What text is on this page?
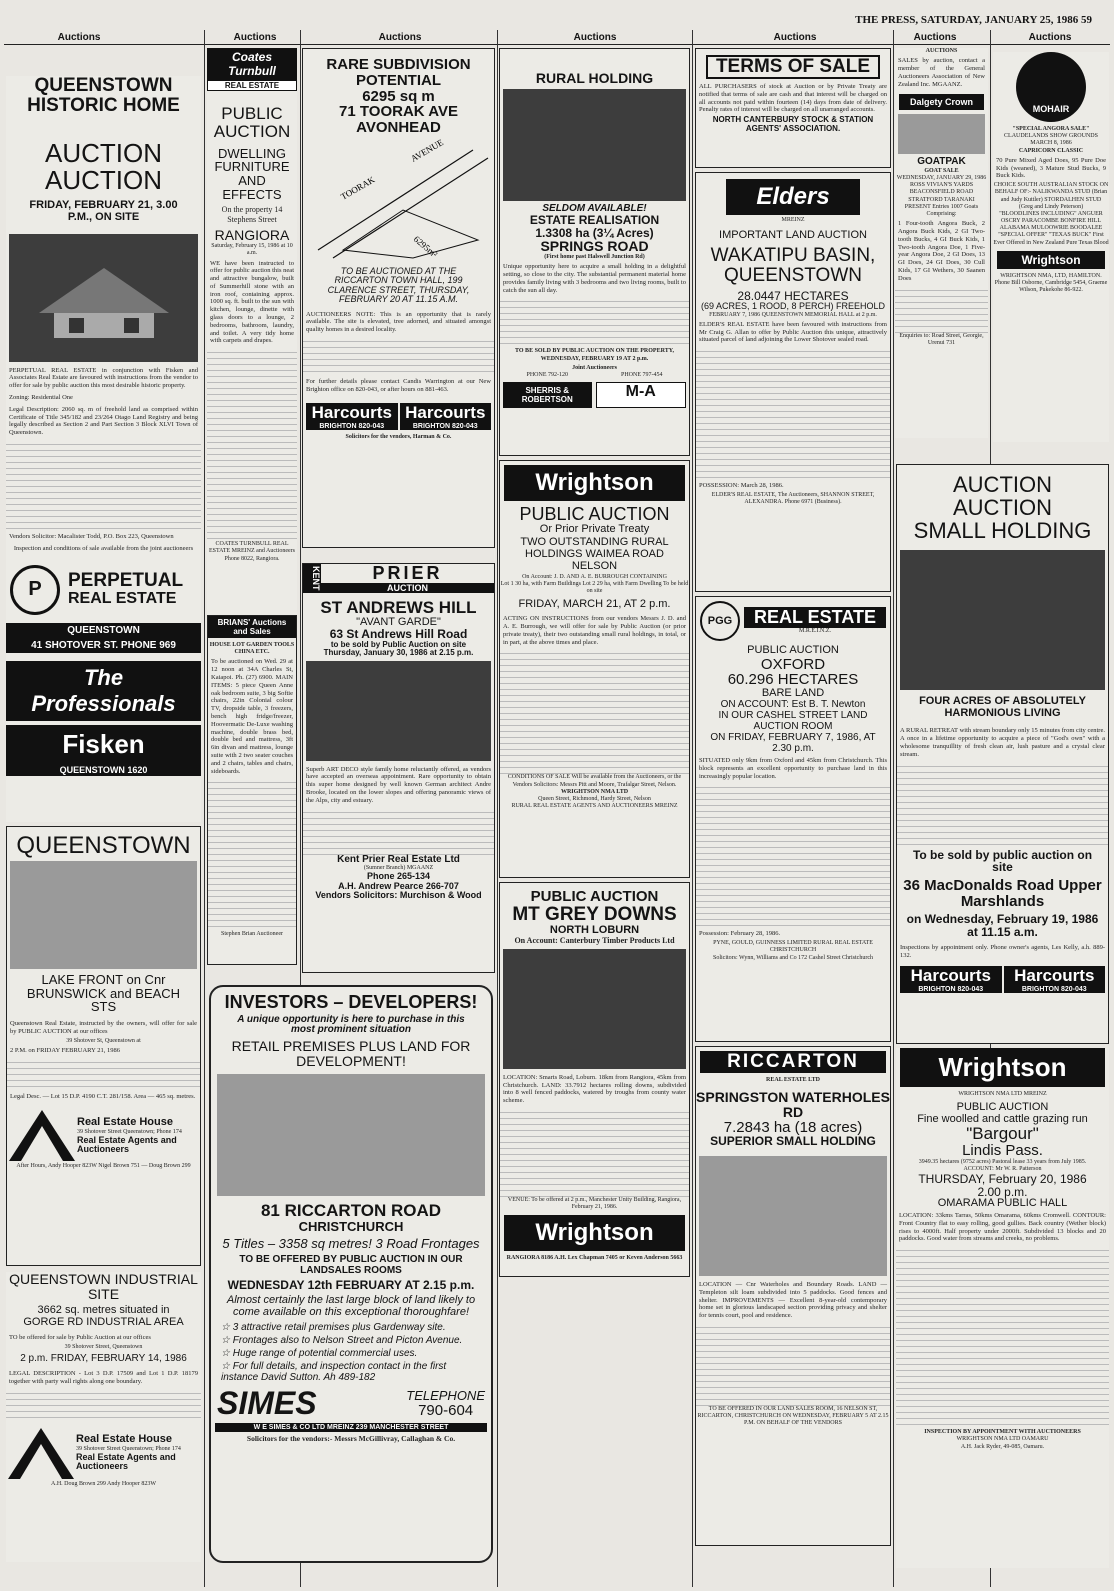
THE PRESS, SATURDAY, JANUARY 25, 1986 59
Auctions	Auctions	Auctions	Auctions	Auctions	Auctions	Auctions
QUEENSTOWN
HISTORIC HOME
AUCTION
AUCTION
FRIDAY, FEBRUARY 21, 3.00 P.M., ON SITE
PERPETUAL REAL ESTATE in conjunction with Fisken and Associates Real Estate are favoured with instructions from the vendor to offer for sale by public auction this most desirable historic property.
Zoning: Residential One
Legal Description: 2060 sq. m of freehold land as comprised within Certificate of Title 345/182 and 23/264 Otago Land Registry and being legally described as Section 2 and Part Section 3 Block XLVI Town of Queenstown.
Vendors Solicitor: Macalister Todd, P.O. Box 223, Queenstown
Inspection and conditions of sale available from the joint auctioneers
P	PERPETUAL
REAL ESTATE
QUEENSTOWN
41 SHOTOVER ST. PHONE 969
The Professionals
Fisken
QUEENSTOWN 1620
QUEENSTOWN
LAKE FRONT on Cnr BRUNSWICK and BEACH STS
Queenstown Real Estate, instructed by the owners, will offer for sale by PUBLIC AUCTION at our offices
39 Shotover St, Queenstown at
2 P.M. on FRIDAY FEBRUARY 21, 1986
Legal Desc. — Lot 15 D.P. 4190 C.T. 281/158. Area — 465 sq. metres.
Real Estate House
39 Shotover Street Queenstown; Phone 174
Real Estate Agents and Auctioneers
After Hours, Andy Hooper 823W Nigel Brown 751 — Doug Brown 299
QUEENSTOWN INDUSTRIAL SITE
3662 sq. metres situated in GORGE RD INDUSTRIAL AREA
TO be offered for sale by Public Auction at our offices
39 Shotover Street, Queenstown
2 p.m. FRIDAY, FEBRUARY 14, 1986
LEGAL DESCRIPTION - Lot 3 D.P. 17509 and Lot 1 D.P. 18179 together with party wall rights along one boundary.
Real Estate House
39 Shotover Street Queenstown; Phone 174
Real Estate Agents and Auctioneers
A.H. Doug Brown 299 Andy Hooper 823W
Coates Turnbull
REAL ESTATE
PUBLIC AUCTION
DWELLING FURNITURE AND EFFECTS
On the property 14 Stephens Street
RANGIORA
Saturday, February 15, 1986 at 10 a.m.
WE have been instructed to offer for public auction this neat and attractive bungalow, built of Summerhill stone with an iron roof, containing approx. 1000 sq. ft. built to the sun with kitchen, lounge, dinette with glass doors to a lounge, 2 bedrooms, bathroom, laundry, and toilet. A very tidy home with carpets and drapes.
COATES TURNBULL REAL ESTATE MREINZ and Auctioneers Phone 8022, Rangiora.
BRIANS' Auctions and Sales
HOUSE LOT GARDEN TOOLS CHINA ETC.
To be auctioned on Wed. 29 at 12 noon at 34A Charles St, Kaiapoi. Ph. (27) 6900. MAIN ITEMS: 5 piece Queen Anne oak bedroom suite, 3 big Softie chairs, 22in Colonial colour TV, dropside table, 3 freezers, bench high fridge/freezer, Hoovermatic De-Luxe washing machine, double brass bed, double bed and mattress, 3ft 6in divan and mattress, lounge suite with 2 two seater couches and 2 chairs, tables and chairs, sideboards.
Stephen Brian Auctioneer
RARE SUBDIVISION POTENTIAL
6295 sq m
71 TOORAK AVE AVONHEAD
TOORAK
AVENUE
6295m²
TO BE AUCTIONED AT THE RICCARTON TOWN HALL, 199 CLARENCE STREET, THURSDAY, FEBRUARY 20 AT 11.15 A.M.
AUCTIONEERS NOTE: This is an opportunity that is rarely available. The site is elevated, tree adorned, and situated amongst quality homes in a desired locality.
For further details please contact Candis Warrington at our New Brighton office on 820-043, or after hours on 881-463.
Harcourts
BRIGHTON 820-043
Harcourts
BRIGHTON 820-043
Solicitors for the vendors, Harman & Co.
KENT	PRIER
AUCTION
ST ANDREWS HILL
"AVANT GARDE"
63 St Andrews Hill Road
to be sold by Public Auction on site Thursday, January 30, 1986 at 2.15 p.m.
Superb ART DECO style family home reluctantly offered, as vendors have accepted an overseas appointment. Rare opportunity to obtain this super home designed by well known German architect Andre Brooke, located on the lower slopes and offering panoramic views of the Alps, city and estuary.
Kent Prier Real Estate Ltd
(Sumner Branch) MGAANZ
Phone 265-134
A.H. Andrew Pearce 266-707
Vendors Solicitors: Murchison & Wood
INVESTORS – DEVELOPERS!
A unique opportunity is here to purchase in this most prominent situation
RETAIL PREMISES PLUS LAND FOR DEVELOPMENT!
81 RICCARTON ROAD
CHRISTCHURCH
5 Titles – 3358 sq metres! 3 Road Frontages
TO BE OFFERED BY PUBLIC AUCTION IN OUR LANDSALES ROOMS
WEDNESDAY 12th FEBRUARY AT 2.15 p.m.
Almost certainly the last large block of land likely to come available on this exceptional thoroughfare!
☆ 3 attractive retail premises plus Gardenway site.
☆ Frontages also to Nelson Street and Picton Avenue.
☆ Huge range of potential commercial uses.
☆ For full details, and inspection contact in the first instance David Sutton. Ah 489-182
SIMES	TELEPHONE
790-604
W E SIMES & CO LTD MREINZ 239 MANCHESTER STREET
Solicitors for the vendors:- Messrs McGillivray, Callaghan & Co.
RURAL HOLDING
SELDOM AVAILABLE!
ESTATE REALISATION
1.3308 ha (3¼ Acres)
SPRINGS ROAD
(First home past Halswell Junction Rd)
Unique opportunity here to acquire a small holding in a delightful setting, so close to the city. The substantial permanent material home provides family living with 3 bedrooms and two living rooms, built to catch the sun all day.
TO BE SOLD BY PUBLIC AUCTION ON THE PROPERTY, WEDNESDAY, FEBRUARY 19 AT 2 p.m.
Joint Auctioneers
PHONE 792-120	PHONE 797-454
SHERRIS & ROBERTSON	M-A
Wrightson
PUBLIC AUCTION
Or Prior Private Treaty
TWO OUTSTANDING RURAL HOLDINGS WAIMEA ROAD NELSON
On Account: J. D. AND A. E. BURROUGH CONTAINING
Lot 1 30 ha, with Farm Buildings Lot 2 29 ha, with Farm Dwelling To be held on site
FRIDAY, MARCH 21, AT 2 p.m.
ACTING ON INSTRUCTIONS from our vendors Messrs J. D. and A. E. Burrough, we will offer for sale by Public Auction (or prior private treaty), their two outstanding small rural holdings, in total, or in part, at the above times and place.
CONDITIONS OF SALE Will be available from the Auctioneers, or the Vendors Solicitors: Messrs Pitt and Moore, Trafalgar Street, Nelson.
WRIGHTSON NMA LTD
Queen Street, Richmond, Hardy Street, Nelson
RURAL REAL ESTATE AGENTS AND AUCTIONEERS MREINZ
PUBLIC AUCTION
MT GREY DOWNS
NORTH LOBURN
On Account: Canterbury Timber Products Ltd
LOCATION: Smarts Road, Loburn. 18km from Rangiora, 45km from Christchurch. LAND: 33.7912 hectares rolling downs, subdivided into 8 well fenced paddocks, watered by troughs from county water scheme.
VENUE: To be offered at 2 p.m., Manchester Unity Building, Rangiora, February 21, 1986.
Wrightson
RANGIORA 8186 A.H. Lex Chapman 7405 or Keven Anderson 5663
TERMS OF SALE
ALL PURCHASERS of stock at Auction or by Private Treaty are notified that terms of sale are cash and that interest will be charged on all accounts not paid within fourteen (14) days from date of delivery. Penalty rates of interest will be charged on all unarranged accounts.
NORTH CANTERBURY STOCK & STATION AGENTS' ASSOCIATION.
Elders
MREINZ
IMPORTANT LAND AUCTION
WAKATIPU BASIN, QUEENSTOWN
28.0447 HECTARES
(69 ACRES, 1 ROOD, 8 PERCH) FREEHOLD
FEBRUARY 7, 1986 QUEENSTOWN MEMORIAL HALL at 2 p.m.
ELDER'S REAL ESTATE have been favoured with instructions from Mr Craig G. Allan to offer by Public Auction this unique, attractively situated parcel of land adjoining the Lower Shotover sealed road.
POSSESSION: March 28, 1986.
ELDER'S REAL ESTATE, The Auctioneers, SHANNON STREET, ALEXANDRA. Phone 6971 (Business).
PGG	REAL ESTATE
M.R.E.I.N.Z.
PUBLIC AUCTION
OXFORD
60.296 HECTARES
BARE LAND
ON ACCOUNT: Est B. T. Newton
IN OUR CASHEL STREET LAND AUCTION ROOM
ON FRIDAY, FEBRUARY 7, 1986, AT 2.30 p.m.
SITUATED only 9km from Oxford and 45km from Christchurch. This block represents an excellent opportunity to purchase land in this increasingly popular location.
Possession: February 28, 1986.
PYNE, GOULD, GUINNESS LIMITED RURAL REAL ESTATE CHRISTCHURCH
Solicitors: Wynn, Williams and Co 172 Cashel Street Christchurch
RICCARTON
REAL ESTATE LTD
SPRINGSTON WATERHOLES RD
7.2843 ha (18 acres)
SUPERIOR SMALL HOLDING
LOCATION — Cnr Waterholes and Boundary Roads. LAND — Templeton silt loam subdivided into 5 paddocks. Good fences and shelter. IMPROVEMENTS — Excellent 8-year-old contemporary home set in glorious landscaped section providing privacy and shelter for tennis court, pool and residence.
TO BE OFFERED IN OUR LAND SALES ROOM, 16 NELSON ST, RICCARTON, CHRISTCHURCH ON WEDNESDAY, FEBRUARY 5 AT 2.15 P.M. ON BEHALF OF THE VENDORS
AUCTIONS
SALES by auction, contact a member of the General Auctioneers Association of New Zealand Inc. MGAANZ.
Dalgety Crown
GOATPAK
GOAT SALE
WEDNESDAY, JANUARY 29, 1986
ROSS VIVIAN'S YARDS BEACONSFIELD ROAD STRATFORD TARANAKI
PRESENT Entries 1007 Goats Comprising:
1 Four-tooth Angora Buck, 2 Angora Buck Kids, 2 GI Two-tooth Bucks, 4 GI Buck Kids, 1 Two-tooth Angora Doe, 1 Five-year Angora Doe, 2 GI Does, 13 GI Does, 24 GI Does, 30 Cull Kids, 17 GI Wethers, 30 Saanen Does
Enquiries to: Road Street, Georgie, Urenui 731
MOHAIR
"SPECIAL ANGORA SALE"
CLAUDELANDS SHOW GROUNDS
MARCH 8, 1986
CAPRICORN CLASSIC
70 Pure Mixed Aged Does, 95 Pure Doe Kids (weaned), 3 Mature Stud Bucks, 9 Buck Kids.
CHOICE SOUTH AUSTRALIAN STOCK ON BEHALF OF:- NALIKWANDA STUD (Brian and Judy Kuttler) STORDALHEN STUD (Greg and Lindy Peterson)
"BLOODLINES INCLUDING" ANGUER OSCRY PARACOMBE BONFIRE HILL ALABAMA MULOOWRIE BOODALEE
"SPECIAL OFFER" "TEXAS BUCK" First Ever Offered in New Zealand Pure Texas Blood
Wrightson
WRIGHTSON NMA, LTD, HAMILTON. Phone Bill Osborne, Cambridge 5454, Graeme Wilson, Pukekohe 86-922.
AUCTION
AUCTION
SMALL HOLDING
FOUR ACRES OF ABSOLUTELY HARMONIOUS LIVING
A RURAL RETREAT with stream boundary only 15 minutes from city centre. A once in a lifetime opportunity to acquire a piece of "God's own" with a wholesome tranquillity of fresh clean air, lush pasture and a crystal clear stream.
To be sold by public auction on site
36 MacDonalds Road Upper Marshlands
on Wednesday, February 19, 1986 at 11.15 a.m.
Inspections by appointment only. Phone owner's agents, Les Kelly, a.h. 889-132.
Harcourts
BRIGHTON 820-043
Harcourts
BRIGHTON 820-043
Wrightson
WRIGHTSON NMA LTD MREINZ
PUBLIC AUCTION
Fine woolled and cattle grazing run
"Bargour"
Lindis Pass.
3949.35 hectares (9752 acres) Pastoral lease 33 years from July 1985.
ACCOUNT: Mr W. R. Patterson
THURSDAY, February 20, 1986
2.00 p.m.
OMARAMA PUBLIC HALL
LOCATION: 33kms Tarras, 50kms Omarama, 60kms Cromwell. CONTOUR: Front Country flat to easy rolling, good gullies. Back country (Wether block) rises to 4000ft. Half property under 2000ft. Subdivided 13 blocks and 20 paddocks. Good water from streams and creeks, no problems.
INSPECTION BY APPOINTMENT WITH AUCTIONEERS
WRIGHTSON NMA LTD OAMARU
A.H. Jack Ryder, 49-085, Oamaru.
